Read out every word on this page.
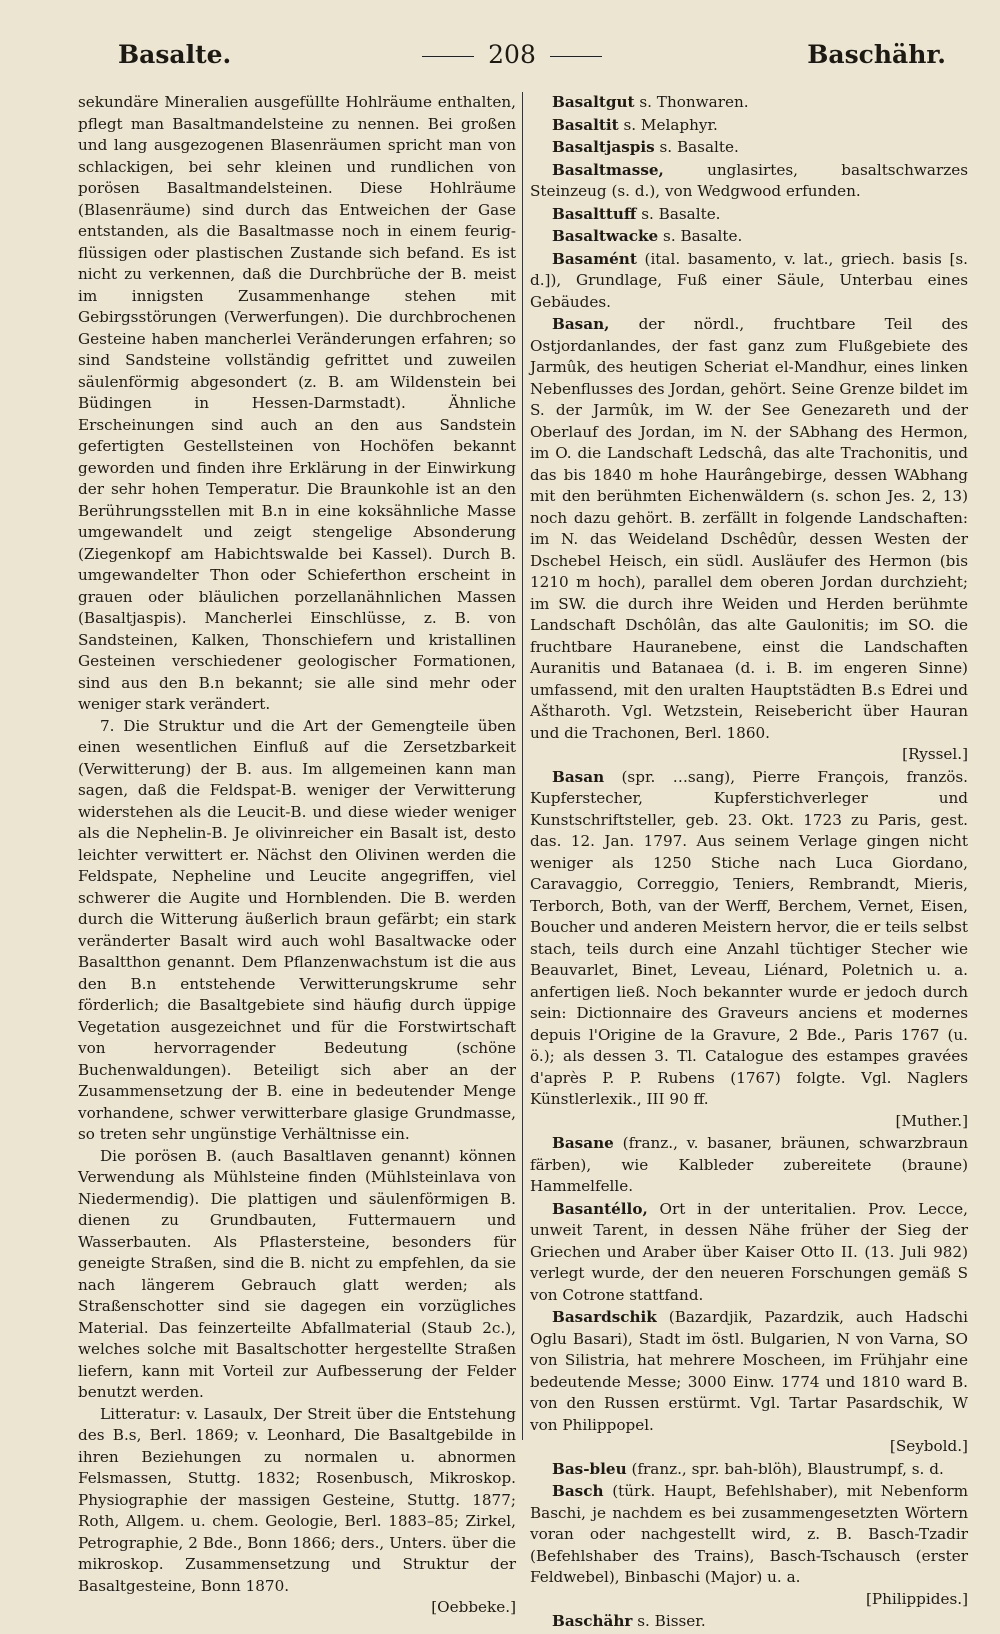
Basalte.	208	Baschähr.

sekundäre Mineralien ausgefüllte Hohlräume enthalten, pflegt man Basaltmandelsteine zu nennen. Bei großen und lang ausgezogenen Blasenräumen spricht man von schlackigen, bei sehr kleinen und rundlichen von porösen Basaltmandelsteinen. Diese Hohlräume (Blasenräume) sind durch das Entweichen der Gase entstanden, als die Basaltmasse noch in einem feurig-flüssigen oder plastischen Zustande sich befand. Es ist nicht zu verkennen, daß die Durchbrüche der B. meist im innigsten Zusammenhange stehen mit Gebirgsstörungen (Verwerfungen). Die durchbrochenen Gesteine haben mancherlei Veränderungen erfahren; so sind Sandsteine vollständig gefrittet und zuweilen säulenförmig abgesondert (z. B. am Wildenstein bei Büdingen in Hessen-Darmstadt). Ähnliche Erscheinungen sind auch an den aus Sandstein gefertigten Gestellsteinen von Hochöfen bekannt geworden und finden ihre Erklärung in der Einwirkung der sehr hohen Temperatur. Die Braunkohle ist an den Berührungsstellen mit B.n in eine koksähnliche Masse umgewandelt und zeigt stengelige Absonderung (Ziegenkopf am Habichtswalde bei Kassel). Durch B. umgewandelter Thon oder Schieferthon erscheint in grauen oder bläulichen porzellanähnlichen Massen (Basaltjaspis). Mancherlei Einschlüsse, z. B. von Sandsteinen, Kalken, Thonschiefern und kristallinen Gesteinen verschiedener geologischer Formationen, sind aus den B.n bekannt; sie alle sind mehr oder weniger stark verändert.

7. Die Struktur und die Art der Gemengteile üben einen wesentlichen Einfluß auf die Zersetzbarkeit (Verwitterung) der B. aus. Im allgemeinen kann man sagen, daß die Feldspat-B. weniger der Verwitterung widerstehen als die Leucit-B. und diese wieder weniger als die Nephelin-B. Je olivinreicher ein Basalt ist, desto leichter verwittert er. Nächst den Olivinen werden die Feldspate, Nepheline und Leucite angegriffen, viel schwerer die Augite und Hornblenden. Die B. werden durch die Witterung äußerlich braun gefärbt; ein stark veränderter Basalt wird auch wohl Basaltwacke oder Basaltthon genannt. Dem Pflanzenwachstum ist die aus den B.n entstehende Verwitterungskrume sehr förderlich; die Basaltgebiete sind häufig durch üppige Vegetation ausgezeichnet und für die Forstwirtschaft von hervorragender Bedeutung (schöne Buchenwaldungen). Beteiligt sich aber an der Zusammensetzung der B. eine in bedeutender Menge vorhandene, schwer verwitterbare glasige Grundmasse, so treten sehr ungünstige Verhältnisse ein.

Die porösen B. (auch Basaltlaven genannt) können Verwendung als Mühlsteine finden (Mühlsteinlava von Niedermendig). Die plattigen und säulenförmigen B. dienen zu Grundbauten, Futtermauern und Wasserbauten. Als Pflastersteine, besonders für geneigte Straßen, sind die B. nicht zu empfehlen, da sie nach längerem Gebrauch glatt werden; als Straßenschotter sind sie dagegen ein vorzügliches Material. Das feinzerteilte Abfallmaterial (Staub 2c.), welches solche mit Basaltschotter hergestellte Straßen liefern, kann mit Vorteil zur Aufbesserung der Felder benutzt werden.

Litteratur: v. Lasaulx, Der Streit über die Entstehung des B.s, Berl. 1869; v. Leonhard, Die Basaltgebilde in ihren Beziehungen zu normalen u. abnormen Felsmassen, Stuttg. 1832; Rosenbusch, Mikroskop. Physiographie der massigen Gesteine, Stuttg. 1877; Roth, Allgem. u. chem. Geologie, Berl. 1883–85; Zirkel, Petrographie, 2 Bde., Bonn 1866; ders., Unters. über die mikroskop. Zusammensetzung und Struktur der Basaltgesteine, Bonn 1870.

[Oebbeke.]

Basaltgut s. Thonwaren.

Basaltit s. Melaphyr.

Basaltjaspis s. Basalte.

Basaltmasse, unglasirtes, basaltschwarzes Steinzeug (s. d.), von Wedgwood erfunden.

Basalttuff s. Basalte.

Basaltwacke s. Basalte.

Basamént (ital. basamento, v. lat., griech. basis [s. d.]), Grundlage, Fuß einer Säule, Unterbau eines Gebäudes.

Basan, der nördl., fruchtbare Teil des Ostjordanlandes, der fast ganz zum Flußgebiete des Jarmûk, des heutigen Scheriat el-Mandhur, eines linken Nebenflusses des Jordan, gehört. Seine Grenze bildet im S. der Jarmûk, im W. der See Genezareth und der Oberlauf des Jordan, im N. der SAbhang des Hermon, im O. die Landschaft Ledschâ, das alte Trachonitis, und das bis 1840 m hohe Haurângebirge, dessen WAbhang mit den berühmten Eichenwäldern (s. schon Jes. 2, 13) noch dazu gehört. B. zerfällt in folgende Landschaften: im N. das Weideland Dschêdûr, dessen Westen der Dschebel Heisch, ein südl. Ausläufer des Hermon (bis 1210 m hoch), parallel dem oberen Jordan durchzieht; im SW. die durch ihre Weiden und Herden berühmte Landschaft Dschôlân, das alte Gaulonitis; im SO. die fruchtbare Hauranebene, einst die Landschaften Auranitis und Batanaea (d. i. B. im engeren Sinne) umfassend, mit den uralten Hauptstädten B.s Edrei und Aštharoth. Vgl. Wetzstein, Reisebericht über Hauran und die Trachonen, Berl. 1860.
[Ryssel.]

Basan (spr. …sang), Pierre François, französ. Kupferstecher, Kupferstichverleger und Kunstschriftsteller, geb. 23. Okt. 1723 zu Paris, gest. das. 12. Jan. 1797. Aus seinem Verlage gingen nicht weniger als 1250 Stiche nach Luca Giordano, Caravaggio, Correggio, Teniers, Rembrandt, Mieris, Terborch, Both, van der Werff, Berchem, Vernet, Eisen, Boucher und anderen Meistern hervor, die er teils selbst stach, teils durch eine Anzahl tüchtiger Stecher wie Beauvarlet, Binet, Leveau, Liénard, Poletnich u. a. anfertigen ließ. Noch bekannter wurde er jedoch durch sein: Dictionnaire des Graveurs anciens et modernes depuis l'Origine de la Gravure, 2 Bde., Paris 1767 (u. ö.); als dessen 3. Tl. Catalogue des estampes gravées d'après P. P. Rubens (1767) folgte. Vgl. Naglers Künstlerlexik., III 90 ff.
[Muther.]

Basane (franz., v. basaner, bräunen, schwarzbraun färben), wie Kalbleder zubereitete (braune) Hammelfelle.

Basantéllo, Ort in der unteritalien. Prov. Lecce, unweit Tarent, in dessen Nähe früher der Sieg der Griechen und Araber über Kaiser Otto II. (13. Juli 982) verlegt wurde, der den neueren Forschungen gemäß S von Cotrone stattfand.

Basardschik (Bazardjik, Pazardzik, auch Hadschi Oglu Basari), Stadt im östl. Bulgarien, N von Varna, SO von Silistria, hat mehrere Moscheen, im Frühjahr eine bedeutende Messe; 3000 Einw. 1774 und 1810 ward B. von den Russen erstürmt. Vgl. Tartar Pasardschik, W von Philippopel.
[Seybold.]

Bas-bleu (franz., spr. bah-blöh), Blaustrumpf, s. d.

Basch (türk. Haupt, Befehlshaber), mit Nebenform Baschi, je nachdem es bei zusammengesetzten Wörtern voran oder nachgestellt wird, z. B. Basch-Tzadir (Befehlshaber des Trains), Basch-Tschausch (erster Feldwebel), Binbaschi (Major) u. a.
[Philippides.]

Baschähr s. Bisser.
